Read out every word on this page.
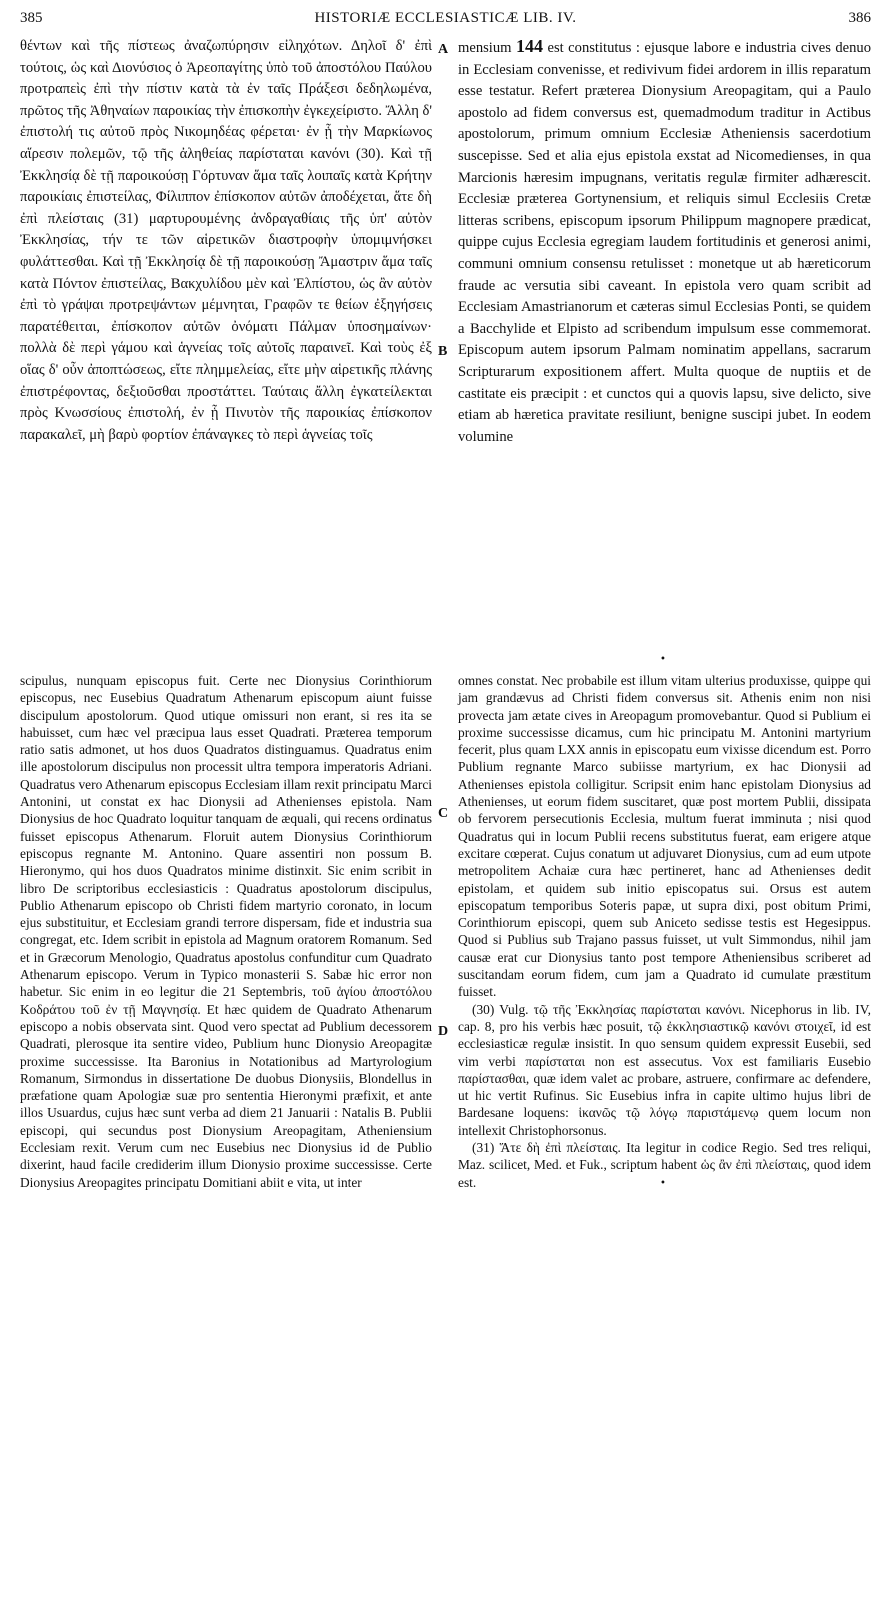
385	HISTORIÆ ECCLESIASTICÆ LIB. IV.	386

θέντων καὶ τῆς πίστεως ἀναζωπύρησιν εἰληχότων. Δηλοῖ δ' ἐπὶ τούτοις, ὡς καὶ Διονύσιος ὁ Ἀρεοπαγίτης ὑπὸ τοῦ ἀποστόλου Παύλου προτραπεὶς ἐπὶ τὴν πίστιν κατὰ τὰ ἐν ταῖς Πράξεσι δεδηλωμένα, πρῶτος τῆς Ἀθηναίων παροικίας τὴν ἐπισκοπὴν ἐγκεχείριστο. Ἄλλη δ' ἐπιστολή τις αὐτοῦ πρὸς Νικομηδέας φέρεται· ἐν ᾗ τὴν Μαρκίωνος αἵρεσιν πολεμῶν, τῷ τῆς ἀληθείας παρίσταται κανόνι (30). Καὶ τῇ Ἐκκλησίᾳ δὲ τῇ παροικούσῃ Γόρτυναν ἅμα ταῖς λοιπαῖς κατὰ Κρήτην παροικίαις ἐπιστείλας, Φίλιππον ἐπίσκοπον αὐτῶν ἀποδέχεται, ἅτε δὴ ἐπὶ πλείσταις (31) μαρτυρουμένης ἀνδραγαθίαις τῆς ὑπ' αὐτὸν Ἐκκλησίας, τήν τε τῶν αἱρετικῶν διαστροφὴν ὑπομιμνήσκει φυλάττεσθαι. Καὶ τῇ Ἐκκλησίᾳ δὲ τῇ παροικούσῃ Ἄμαστριν ἅμα ταῖς κατὰ Πόντον ἐπιστείλας, Βακχυλίδου μὲν καὶ Ἐλπίστου, ὡς ἂν αὐτὸν ἐπὶ τὸ γράψαι προτρεψάντων μέμνηται, Γραφῶν τε θείων ἐξηγήσεις παρατέθειται, ἐπίσκοπον αὐτῶν ὀνόματι Πάλμαν ὑποσημαίνων· πολλὰ δὲ περὶ γάμου καὶ ἁγνείας τοῖς αὐτοῖς παραινεῖ. Καὶ τοὺς ἐξ οἵας δ' οὖν ἀποπτώσεως, εἴτε πλημμελείας, εἴτε μὴν αἱρετικῆς πλάνης ἐπιστρέφοντας, δεξιοῦσθαι προστάττει. Ταύταις ἄλλη ἐγκατείλεκται πρὸς Κνωσσίους ἐπιστολή, ἐν ᾗ Πινυτὸν τῆς παροικίας ἐπίσκοπον παρακαλεῖ, μὴ βαρὺ φορτίον ἐπάναγκες τὸ περὶ ἁγνείας τοῖς

A
B
C
D

mensium 144 est constitutus : ejusque labore e industria cives denuo in Ecclesiam convenisse, et redivivum fidei ardorem in illis reparatum esse testatur. Refert præterea Dionysium Areopagitam, qui a Paulo apostolo ad fidem conversus est, quemadmodum traditur in Actibus apostolorum, primum omnium Ecclesiæ Atheniensis sacerdotium suscepisse. Sed et alia ejus epistola exstat ad Nicomedienses, in qua Marcionis hæresim impugnans, veritatis regulæ firmiter adhærescit. Ecclesiæ præterea Gortynensium, et reliquis simul Ecclesiis Cretæ litteras scribens, episcopum ipsorum Philippum magnopere prædicat, quippe cujus Ecclesia egregiam laudem fortitudinis et generosi animi, communi omnium consensu retulisset : monetque ut ab hæreticorum fraude ac versutia sibi caveant. In epistola vero quam scribit ad Ecclesiam Amastrianorum et cæteras simul Ecclesias Ponti, se quidem a Bacchylide et Elpisto ad scribendum impulsum esse commemorat. Episcopum autem ipsorum Palmam nominatim appellans, sacrarum Scripturarum expositionem affert. Multa quoque de nuptiis et de castitate eis præcipit : et cunctos qui a quovis lapsu, sive delicto, sive etiam ab hæretica pravitate resiliunt, benigne suscipi jubet. In eodem volumine

•

scipulus, nunquam episcopus fuit. Certe nec Dionysius Corinthiorum episcopus, nec Eusebius Quadratum Athenarum episcopum aiunt fuisse discipulum apostolorum. Quod utique omissuri non erant, si res ita se habuisset, cum hæc vel præcipua laus esset Quadrati. Præterea temporum ratio satis admonet, ut hos duos Quadratos distinguamus. Quadratus enim ille apostolorum discipulus non processit ultra tempora imperatoris Adriani. Quadratus vero Athenarum episcopus Ecclesiam illam rexit principatu Marci Antonini, ut constat ex hac Dionysii ad Athenienses epistola. Nam Dionysius de hoc Quadrato loquitur tanquam de æquali, qui recens ordinatus fuisset episcopus Athenarum. Floruit autem Dionysius Corinthiorum episcopus regnante M. Antonino. Quare assentiri non possum B. Hieronymo, qui hos duos Quadratos minime distinxit. Sic enim scribit in libro De scriptoribus ecclesiasticis : Quadratus apostolorum discipulus, Publio Athenarum episcopo ob Christi fidem martyrio coronato, in locum ejus substituitur, et Ecclesiam grandi terrore dispersam, fide et industria sua congregat, etc. Idem scribit in epistola ad Magnum oratorem Romanum. Sed et in Græcorum Menologio, Quadratus apostolus confunditur cum Quadrato Athenarum episcopo. Verum in Typico monasterii S. Sabæ hic error non habetur. Sic enim in eo legitur die 21 Septembris, τοῦ ἁγίου ἀποστόλου Κοδράτου τοῦ ἐν τῇ Μαγνησίᾳ. Et hæc quidem de Quadrato Athenarum episcopo a nobis observata sint. Quod vero spectat ad Publium decessorem Quadrati, plerosque ita sentire video, Publium hunc Dionysio Areopagitæ proxime successisse. Ita Baronius in Notationibus ad Martyrologium Romanum, Sirmondus in dissertatione De duobus Dionysiis, Blondellus in præfatione quam Apologiæ suæ pro sententia Hieronymi præfixit, et ante illos Usuardus, cujus hæc sunt verba ad diem 21 Januarii : Natalis B. Publii episcopi, qui secundus post Dionysium Areopagitam, Atheniensium Ecclesiam rexit. Verum cum nec Eusebius nec Dionysius id de Publio dixerint, haud facile crediderim illum Dionysio proxime successisse. Certe Dionysius Areopagites principatu Domitiani abiit e vita, ut inter

omnes constat. Nec probabile est illum vitam ulterius produxisse, quippe qui jam grandævus ad Christi fidem conversus sit. Athenis enim non nisi provecta jam ætate cives in Areopagum promovebantur. Quod si Publium ei proxime successisse dicamus, cum hic principatu M. Antonini martyrium fecerit, plus quam LXX annis in episcopatu eum vixisse dicendum est. Porro Publium regnante Marco subiisse martyrium, ex hac Dionysii ad Athenienses epistola colligitur. Scripsit enim hanc epistolam Dionysius ad Athenienses, ut eorum fidem suscitaret, quæ post mortem Publii, dissipata ob fervorem persecutionis Ecclesia, multum fuerat imminuta ; nisi quod Quadratus qui in locum Publii recens substitutus fuerat, eam erigere atque excitare cœperat. Cujus conatum ut adjuvaret Dionysius, cum ad eum utpote metropolitem Achaiæ cura hæc pertineret, hanc ad Athenienses dedit epistolam, et quidem sub initio episcopatus sui. Orsus est autem episcopatum temporibus Soteris papæ, ut supra dixi, post obitum Primi, Corinthiorum episcopi, quem sub Aniceto sedisse testis est Hegesippus. Quod si Publius sub Trajano passus fuisset, ut vult Simmondus, nihil jam causæ erat cur Dionysius tanto post tempore Atheniensibus scriberet ad suscitandam eorum fidem, cum jam a Quadrato id cumulate præstitum fuisset.

(30) Vulg. τῷ τῆς Ἐκκλησίας παρίσταται κανόνι. Nicephorus in lib. IV, cap. 8, pro his verbis hæc posuit, τῷ ἐκκλησιαστικῷ κανόνι στοιχεῖ, id est ecclesiasticæ regulæ insistit. In quo sensum quidem expressit Eusebii, sed vim verbi παρίσταται non est assecutus. Vox est familiaris Eusebio παρίστασθαι, quæ idem valet ac probare, astruere, confirmare ac defendere, ut hic vertit Rufinus. Sic Eusebius infra in capite ultimo hujus libri de Bardesane loquens: ἱκανῶς τῷ λόγῳ παριστάμενῳ quem locum non intellexit Christophorsonus.

(31) Ἅτε δὴ ἐπὶ πλείσταις. Ita legitur in codice Regio. Sed tres reliqui, Maz. scilicet, Med. et Fuk., scriptum habent ὡς ἂν ἐπὶ πλείσταις, quod idem est.	•
